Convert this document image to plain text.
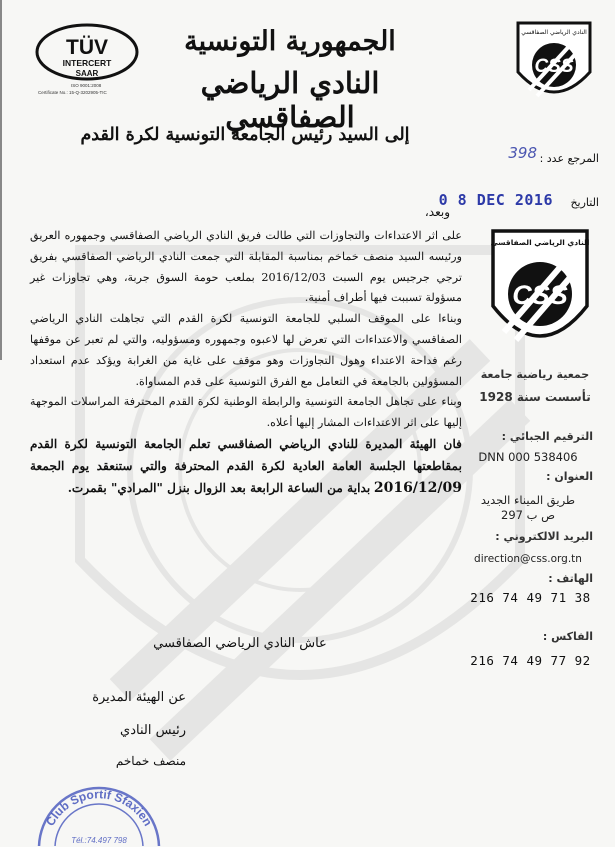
TÜV
INTERCERT
SAAR
ISO 9001:2008
Certificate No.: 15-Q-3202905-TIC
الجمهورية التونسية
النادي الرياضي الصفاقسي
النادي الرياضي الصفاقسي
CSS
إلى السيد رئيس الجامعة التونسية لكرة القدم
المرجع عدد :
398
التاريخ
0 8 DEC 2016
وبعد،

على اثر الاعتداءات والتجاوزات التي طالت فريق النادي الرياضي الصفاقسي وجمهوره العريق ورئيسه السيد منصف خماخم بمناسبة المقابلة التي جمعت النادي الرياضي الصفاقسي بفريق ترجي جرجيس يوم السبت 2016/12/03 بملعب حومة السوق جربة، وهي تجاوزات غير مسؤولة تسببت فيها أطراف أمنية.

وبناءا على الموقف السلبي للجامعة التونسية لكرة القدم التي تجاهلت النادي الرياضي الصفاقسي والاعتداءات التي تعرض لها لاعبوه وجمهوره ومسؤوليه، والتي لم تعبر عن موقفها رغم فداحة الاعتداء وهول التجاوزات وهو موقف على غاية من الغرابة ويؤكد عدم استعداد المسؤولين بالجامعة في التعامل مع الفرق التونسية على قدم المساواة.

وبناء على تجاهل الجامعة التونسية والرابطة الوطنية لكرة القدم المحترفة المراسلات الموجهة إليها على اثر الاعتداءات المشار إليها أعلاه.

فان الهيئة المديرة للنادي الرياضي الصفاقسي تعلم الجامعة التونسية لكرة القدم بمقاطعتها الجلسة العامة العادية لكرة القدم المحترفة والتي ستنعقد يوم الجمعة 2016/12/09 بداية من الساعة الرابعة بعد الزوال بنزل "المرادي" بقمرت.

عاش النادي الرياضي الصفاقسي
عن الهيئة المديرة
رئيس النادي
منصف خماخم
Club Sportif Sfaxien
Tél.:74.497 798
النادي الرياضي الصفاقسي
CSS
جمعية رياضية جامعة
تأسست سنة 1928
الترقيم الجبائي :
538406 DNN 000
العنوان :
طريق الميناء الجديد
ص ب 297
البريد الالكتروني :
direction@css.org.tn
الهاتف :
216 74 49 71 38
الفاكس :
216 74 49 77 92
